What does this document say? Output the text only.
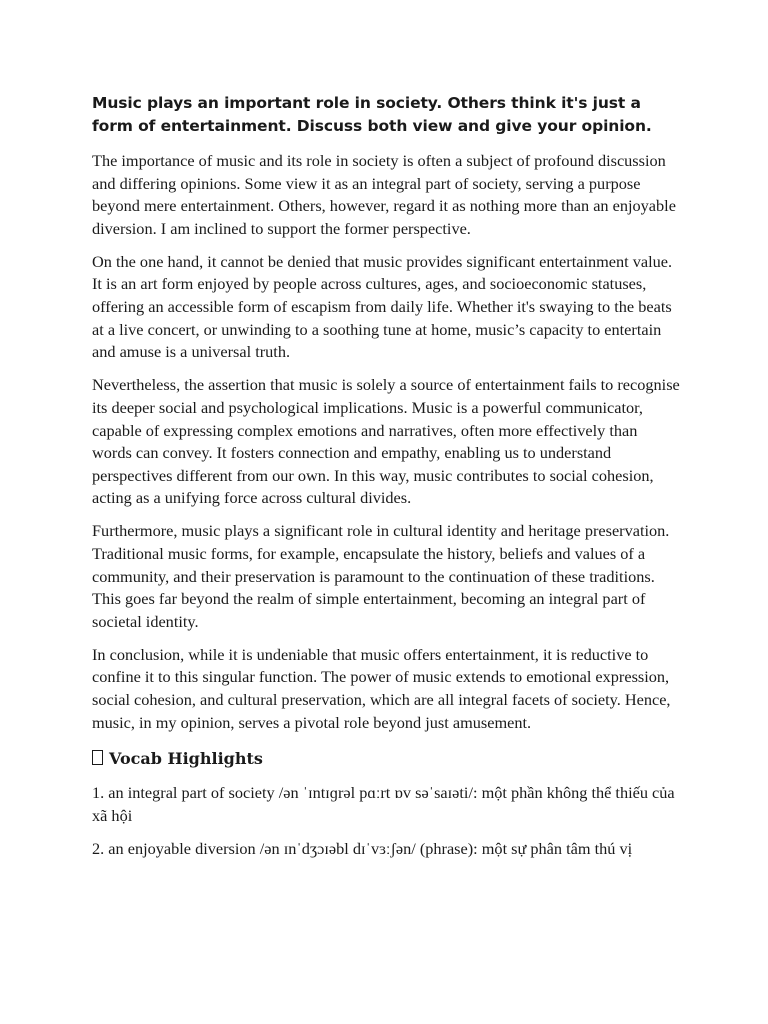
Music plays an important role in society. Others think it's just a form of entertainment. Discuss both view and give your opinion.

The importance of music and its role in society is often a subject of profound discussion and differing opinions. Some view it as an integral part of society, serving a purpose beyond mere entertainment. Others, however, regard it as nothing more than an enjoyable diversion. I am inclined to support the former perspective.

On the one hand, it cannot be denied that music provides significant entertainment value. It is an art form enjoyed by people across cultures, ages, and socioeconomic statuses, offering an accessible form of escapism from daily life. Whether it's swaying to the beats at a live concert, or unwinding to a soothing tune at home, music’s capacity to entertain and amuse is a universal truth.

Nevertheless, the assertion that music is solely a source of entertainment fails to recognise its deeper social and psychological implications. Music is a powerful communicator, capable of expressing complex emotions and narratives, often more effectively than words can convey. It fosters connection and empathy, enabling us to understand perspectives different from our own. In this way, music contributes to social cohesion, acting as a unifying force across cultural divides.

Furthermore, music plays a significant role in cultural identity and heritage preservation. Traditional music forms, for example, encapsulate the history, beliefs and values of a community, and their preservation is paramount to the continuation of these traditions. This goes far beyond the realm of simple entertainment, becoming an integral part of societal identity.

In conclusion, while it is undeniable that music offers entertainment, it is reductive to confine it to this singular function. The power of music extends to emotional expression, social cohesion, and cultural preservation, which are all integral facets of society. Hence, music, in my opinion, serves a pivotal role beyond just amusement.

Vocab Highlights

1. an integral part of society /ən ˈɪntɪɡrəl pɑːrt ɒv səˈsaɪəti/: một phần không thể thiếu của xã hội

2. an enjoyable diversion /ən ɪnˈdʒɔɪəbl dɪˈvɜːʃən/ (phrase): một sự phân tâm thú vị
